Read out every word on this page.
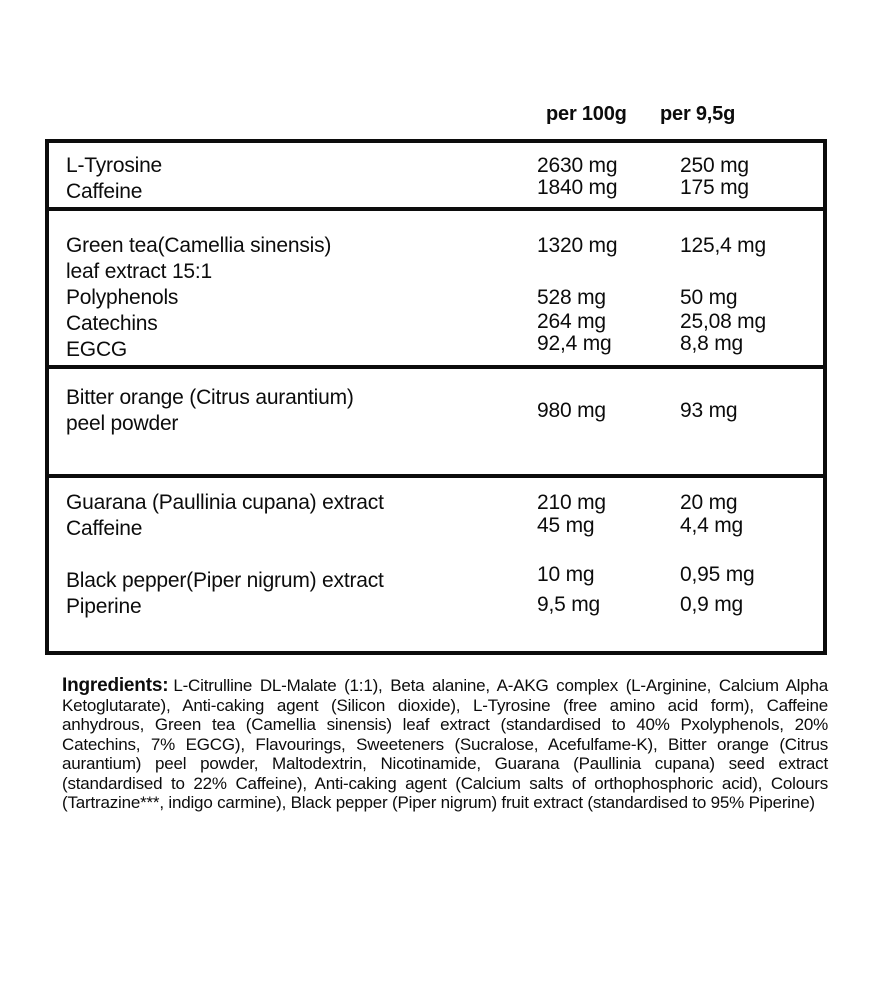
per 100g per 9,5g
L-Tyrosine	2630 mg	250 mg
Caffeine	1840 mg	175 mg
Green tea(Camellia sinensis)
leaf extract 15:1
1320 mg	125,4 mg
Polyphenols	528 mg	50 mg
Catechins	264 mg	25,08 mg
EGCG	92,4 mg	8,8 mg
Bitter orange (Citrus aurantium)
peel powder
980 mg	93 mg
Guarana (Paullinia cupana) extract	210 mg	20 mg
Caffeine	45 mg	4,4 mg
Black pepper(Piper nigrum) extract	10 mg	0,95 mg
Piperine	9,5 mg	0,9 mg

Ingredients: L-Citrulline DL-Malate (1:1), Beta alanine, A-AKG complex (L-Arginine, Calcium Alpha Ketoglutarate), Anti-caking agent (Silicon dioxide), L-Tyrosine (free amino acid form), Caffeine anhydrous, Green tea (Camellia sinensis) leaf extract (standardised to 40% Pxolyphenols, 20% Catechins, 7% EGCG), Flavourings, Sweeteners (Sucralose, Acefulfame-K), Bitter orange (Citrus aurantium) peel powder, Maltodextrin, Nicotinamide, Guarana (Paullinia cupana) seed extract (standardised to 22% Caffeine), Anti-caking agent (Calcium salts of orthophosphoric acid), Colours (Tartrazine***, indigo carmine), Black pepper (Piper nigrum) fruit extract (standardised to 95% Piperine)
